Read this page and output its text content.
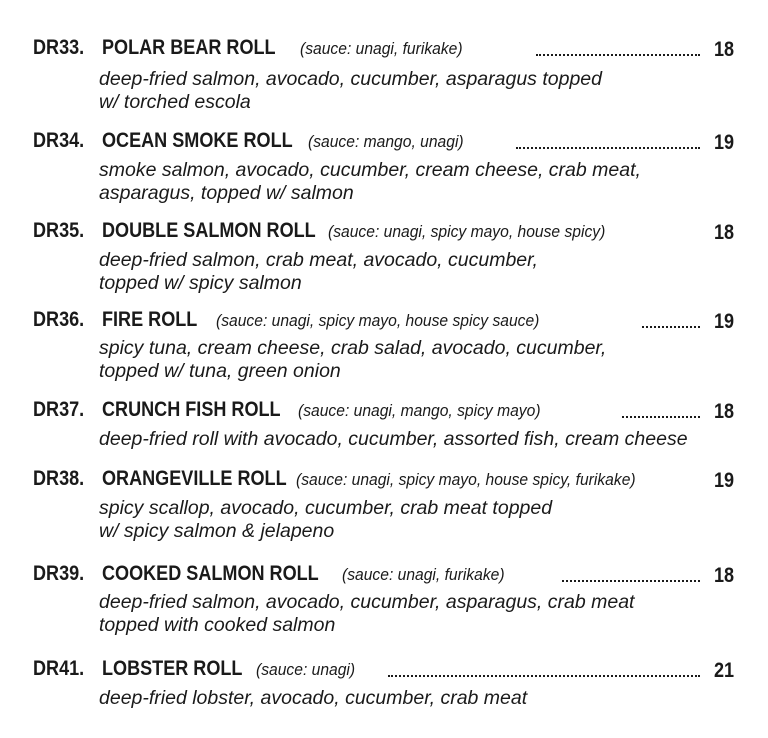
DR33. POLAR BEAR ROLL	(sauce: unagi, furikake)	18
deep-fried salmon, avocado, cucumber, asparagus topped
w/ torched escola
DR34. OCEAN SMOKE ROLL (sauce: mango, unagi)	19
smoke salmon, avocado, cucumber, cream cheese, crab meat,
asparagus, topped w/ salmon
DR35. DOUBLE SALMON ROLL (sauce: unagi, spicy mayo, house spicy)	18
deep-fried salmon, crab meat, avocado, cucumber,
topped w/ spicy salmon
DR36. FIRE ROLL	(sauce: unagi, spicy mayo, house spicy sauce)	19
spicy tuna, cream cheese, crab salad, avocado, cucumber,
topped w/ tuna, green onion
DR37. CRUNCH FISH ROLL	(sauce: unagi, mango, spicy mayo)	18
deep-fried roll with avocado, cucumber, assorted fish, cream cheese
DR38. ORANGEVILLE ROLL (sauce: unagi, spicy mayo, house spicy, furikake)	19
spicy scallop, avocado, cucumber, crab meat topped
w/ spicy salmon & jelapeno
DR39. COOKED SALMON ROLL	(sauce: unagi, furikake)	18
deep-fried salmon, avocado, cucumber, asparagus, crab meat
topped with cooked salmon
DR41. LOBSTER ROLL (sauce: unagi)	21
deep-fried lobster, avocado, cucumber, crab meat
